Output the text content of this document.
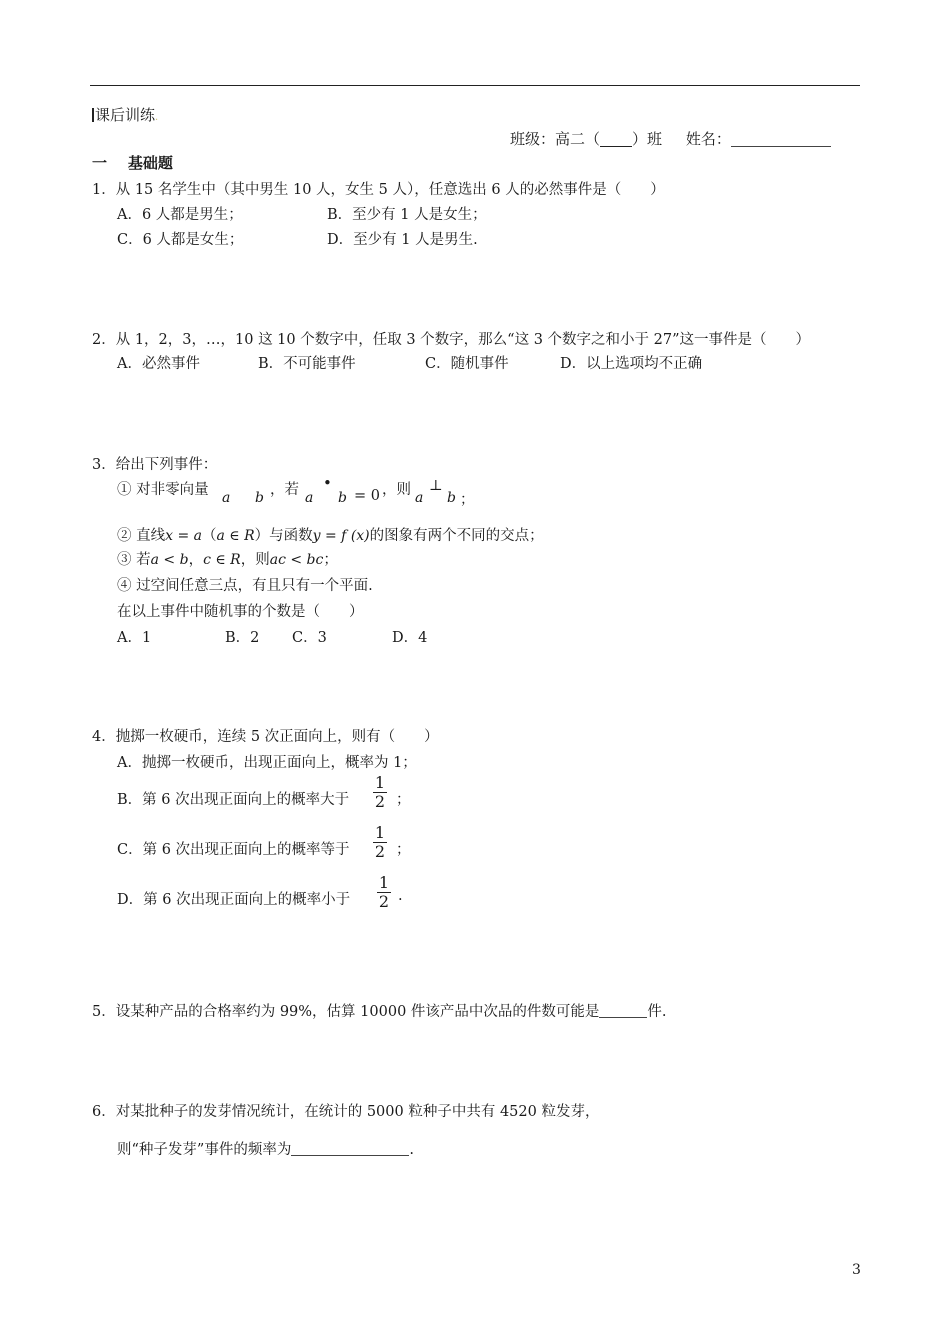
课后训练.
班级：高二（ ）班 姓名：
一 基础题
1．从 15 名学生中（其中男生 10 人，女生 5 人），任意选出 6 人的必然事件是（　　）
A．6 人都是男生；	B．至少有 1 人是女生；
C．6 人都是女生；	D．至少有 1 人是男生.
2．从 1，2，3，…，10 这 10 个数字中，任取 3 个数字，那么“这 3 个数字之和小于 27”这一事件是（　　）
A．必然事件	B．不可能事件	C．随机事件	D．以上选项均不正确
3．给出下列事件：
① 对非零向量 a b ，若 a
•
b = 0 ，则 a
⊥
b ；
② 直线x = a（a ∈ R）与函数y = f (x)的图象有两个不同的交点；
③ 若a < b，c ∈ R，则ac < bc；
④ 过空间任意三点，有且只有一个平面.
在以上事件中随机事的个数是（　　）
A．1	B．2 C．3	D．4
4．抛掷一枚硬币，连续 5 次正面向上，则有（　　）
A．抛掷一枚硬币，出现正面向上，概率为 1；
B．第 6 次出现正面向上的概率大于
1
2 ；
C．第 6 次出现正面向上的概率等于
1
2 ；
D．第 6 次出现正面向上的概率小于
1
2 .
5．设某种产品的合格率约为 99%，估算 10000 件该产品中次品的件数可能是	件.
6．对某批种子的发芽情况统计，在统计的 5000 粒种子中共有 4520 粒发芽，
则“种子发芽”事件的频率为	.
3
